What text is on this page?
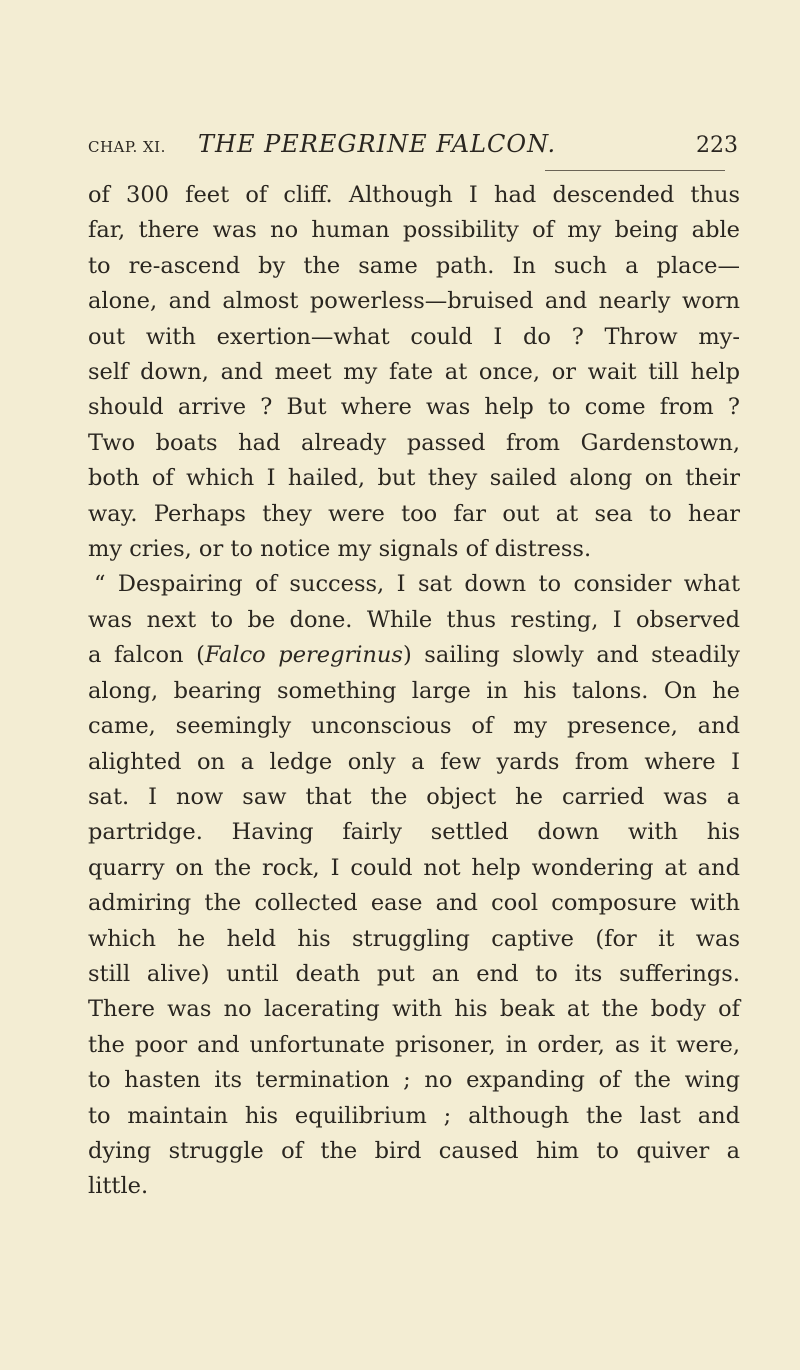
CHAP. XI. THE PEREGRINE FALCON.	223
of 300 feet of cliff. Although I had descended thus
far, there was no human possibility of my being able
to re-ascend by the same path. In such a place—
alone, and almost powerless—bruised and nearly worn
out with exertion—what could I do ? Throw my-
self down, and meet my fate at once, or wait till help
should arrive ? But where was help to come from ?
Two boats had already passed from Gardenstown,
both of which I hailed, but they sailed along on their
way. Perhaps they were too far out at sea to hear
my cries, or to notice my signals of distress.
“ Despairing of success, I sat down to consider what
was next to be done. While thus resting, I observed
a falcon (Falco peregrinus) sailing slowly and steadily
along, bearing something large in his talons. On he
came, seemingly unconscious of my presence, and
alighted on a ledge only a few yards from where I
sat. I now saw that the object he carried was a
partridge. Having fairly settled down with his
quarry on the rock, I could not help wondering at and
admiring the collected ease and cool composure with
which he held his struggling captive (for it was
still alive) until death put an end to its sufferings.
There was no lacerating with his beak at the body of
the poor and unfortunate prisoner, in order, as it were,
to hasten its termination ; no expanding of the wing
to maintain his equilibrium ; although the last and
dying struggle of the bird caused him to quiver a
little.
